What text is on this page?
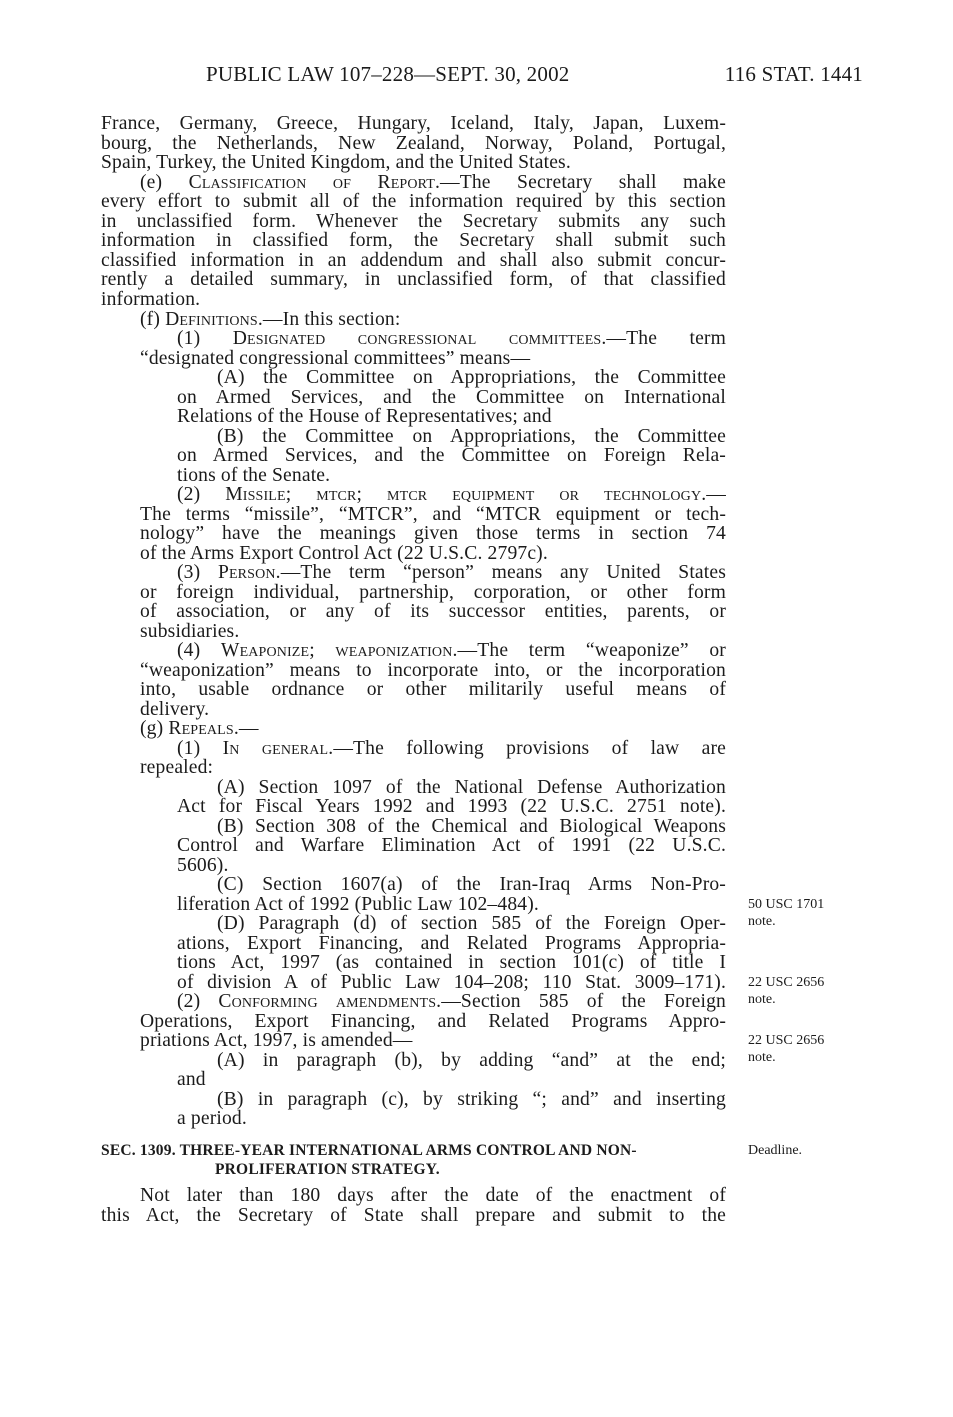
PUBLIC LAW 107–228—SEPT. 30, 2002	116 STAT. 1441
France, Germany, Greece, Hungary, Iceland, Italy, Japan, Luxem-
bourg, the Netherlands, New Zealand, Norway, Poland, Portugal,
Spain, Turkey, the United Kingdom, and the United States.
(e) Classification of Report.—The Secretary shall make
every effort to submit all of the information required by this section
in unclassified form. Whenever the Secretary submits any such
information in classified form, the Secretary shall submit such
classified information in an addendum and shall also submit concur-
rently a detailed summary, in unclassified form, of that classified
information.
(f) Definitions.—In this section:
(1) Designated congressional committees.—The term
“designated congressional committees” means—
(A) the Committee on Appropriations, the Committee
on Armed Services, and the Committee on International
Relations of the House of Representatives; and
(B) the Committee on Appropriations, the Committee
on Armed Services, and the Committee on Foreign Rela-
tions of the Senate.
(2) Missile; mtcr; mtcr equipment or technology.—
The terms “missile”, “MTCR”, and “MTCR equipment or tech-
nology” have the meanings given those terms in section 74
of the Arms Export Control Act (22 U.S.C. 2797c).
(3) Person.—The term “person” means any United States
or foreign individual, partnership, corporation, or other form
of association, or any of its successor entities, parents, or
subsidiaries.
(4) Weaponize; weaponization.—The term “weaponize” or
“weaponization” means to incorporate into, or the incorporation
into, usable ordnance or other militarily useful means of
delivery.
(g) Repeals.—
(1) In general.—The following provisions of law are
repealed:
(A) Section 1097 of the National Defense Authorization
Act for Fiscal Years 1992 and 1993 (22 U.S.C. 2751 note).
(B) Section 308 of the Chemical and Biological Weapons
Control and Warfare Elimination Act of 1991 (22 U.S.C.
5606).
(C) Section 1607(a) of the Iran-Iraq Arms Non-Pro-
liferation Act of 1992 (Public Law 102–484).
(D) Paragraph (d) of section 585 of the Foreign Oper-
ations, Export Financing, and Related Programs Appropria-
tions Act, 1997 (as contained in section 101(c) of title I
of division A of Public Law 104–208; 110 Stat. 3009–171).
(2) Conforming amendments.—Section 585 of the Foreign
Operations, Export Financing, and Related Programs Appro-
priations Act, 1997, is amended—
(A) in paragraph (b), by adding “and” at the end;
and
(B) in paragraph (c), by striking “; and” and inserting
a period.
50 USC 1701
note.
22 USC 2656
note.
22 USC 2656
note.
Deadline.
SEC. 1309. THREE-YEAR INTERNATIONAL ARMS CONTROL AND NON-
PROLIFERATION STRATEGY.
Not later than 180 days after the date of the enactment of
this Act, the Secretary of State shall prepare and submit to the
